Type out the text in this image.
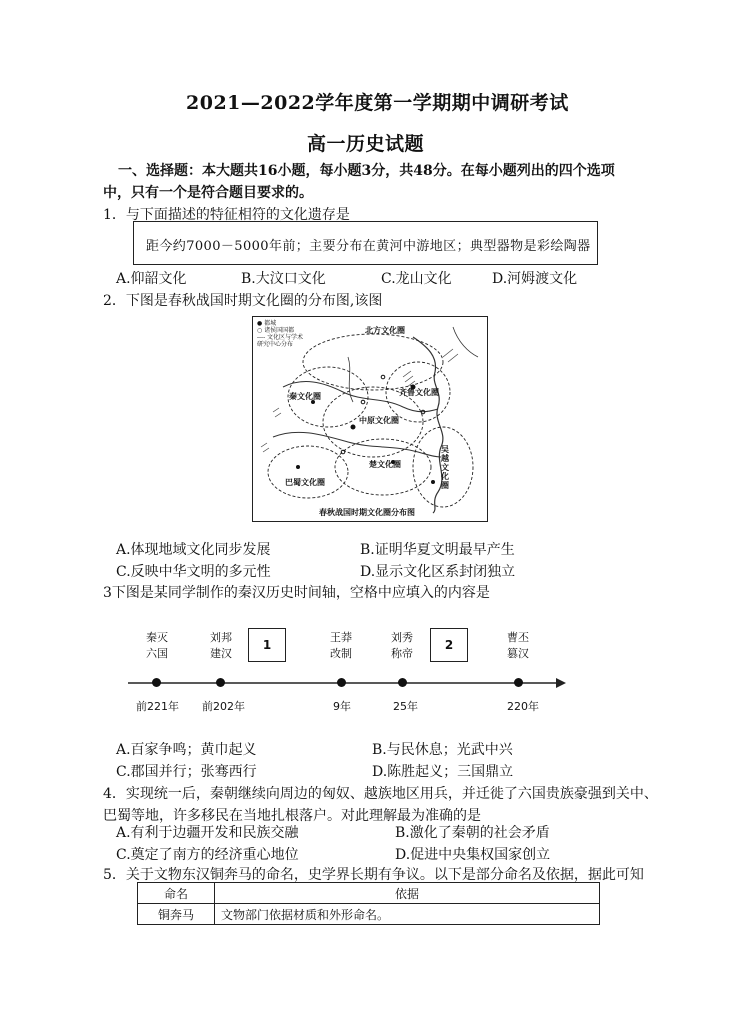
2021—2022学年度第一学期期中调研考试
高一历史试题
一、选择题：本大题共16小题，每小题3分，共48分。在每小题列出的四个选项
中，只有一个是符合题目要求的。
1．与下面描述的特征相符的文化遗存是
距今约7000－5000年前；主要分布在黄河中游地区；典型器物是彩绘陶器
A.仰韶文化	B.大汶口文化	C.龙山文化	D.河姆渡文化
2．下图是春秋战国时期文化圈的分布图,该图
● 都城
○ 诸侯国国都
---- 文化区与学术
研究中心分布
北方文化圈
秦文化圈
中原文化圈
齐鲁文化圈
楚文化圈
巴蜀文化圈
吴越文化圈
春秋战国时期文化圈分布图
A.体现地域文化同步发展	B.证明华夏文明最早产生
C.反映中华文明的多元性	D.显示文化区系封闭独立
3下图是某同学制作的秦汉历史时间轴，空格中应填入的内容是
秦灭
六国
刘邦
建汉
1
王莽
改制
刘秀
称帝
2
曹丕
篡汉
前221年 前202年	9年	25年	220年
A.百家争鸣；黄巾起义	B.与民休息；光武中兴
C.郡国并行；张骞西行	D.陈胜起义；三国鼎立
4．实现统一后，秦朝继续向周边的匈奴、越族地区用兵，并迁徙了六国贵族豪强到关中、
巴蜀等地，许多移民在当地扎根落户。对此理解最为准确的是
A.有利于边疆开发和民族交融	B.激化了秦朝的社会矛盾
C.奠定了南方的经济重心地位	D.促进中央集权国家创立
5．关于文物东汉铜奔马的命名，史学界长期有争议。以下是部分命名及依据，据此可知
命名	依据
铜奔马	文物部门依据材质和外形命名。
